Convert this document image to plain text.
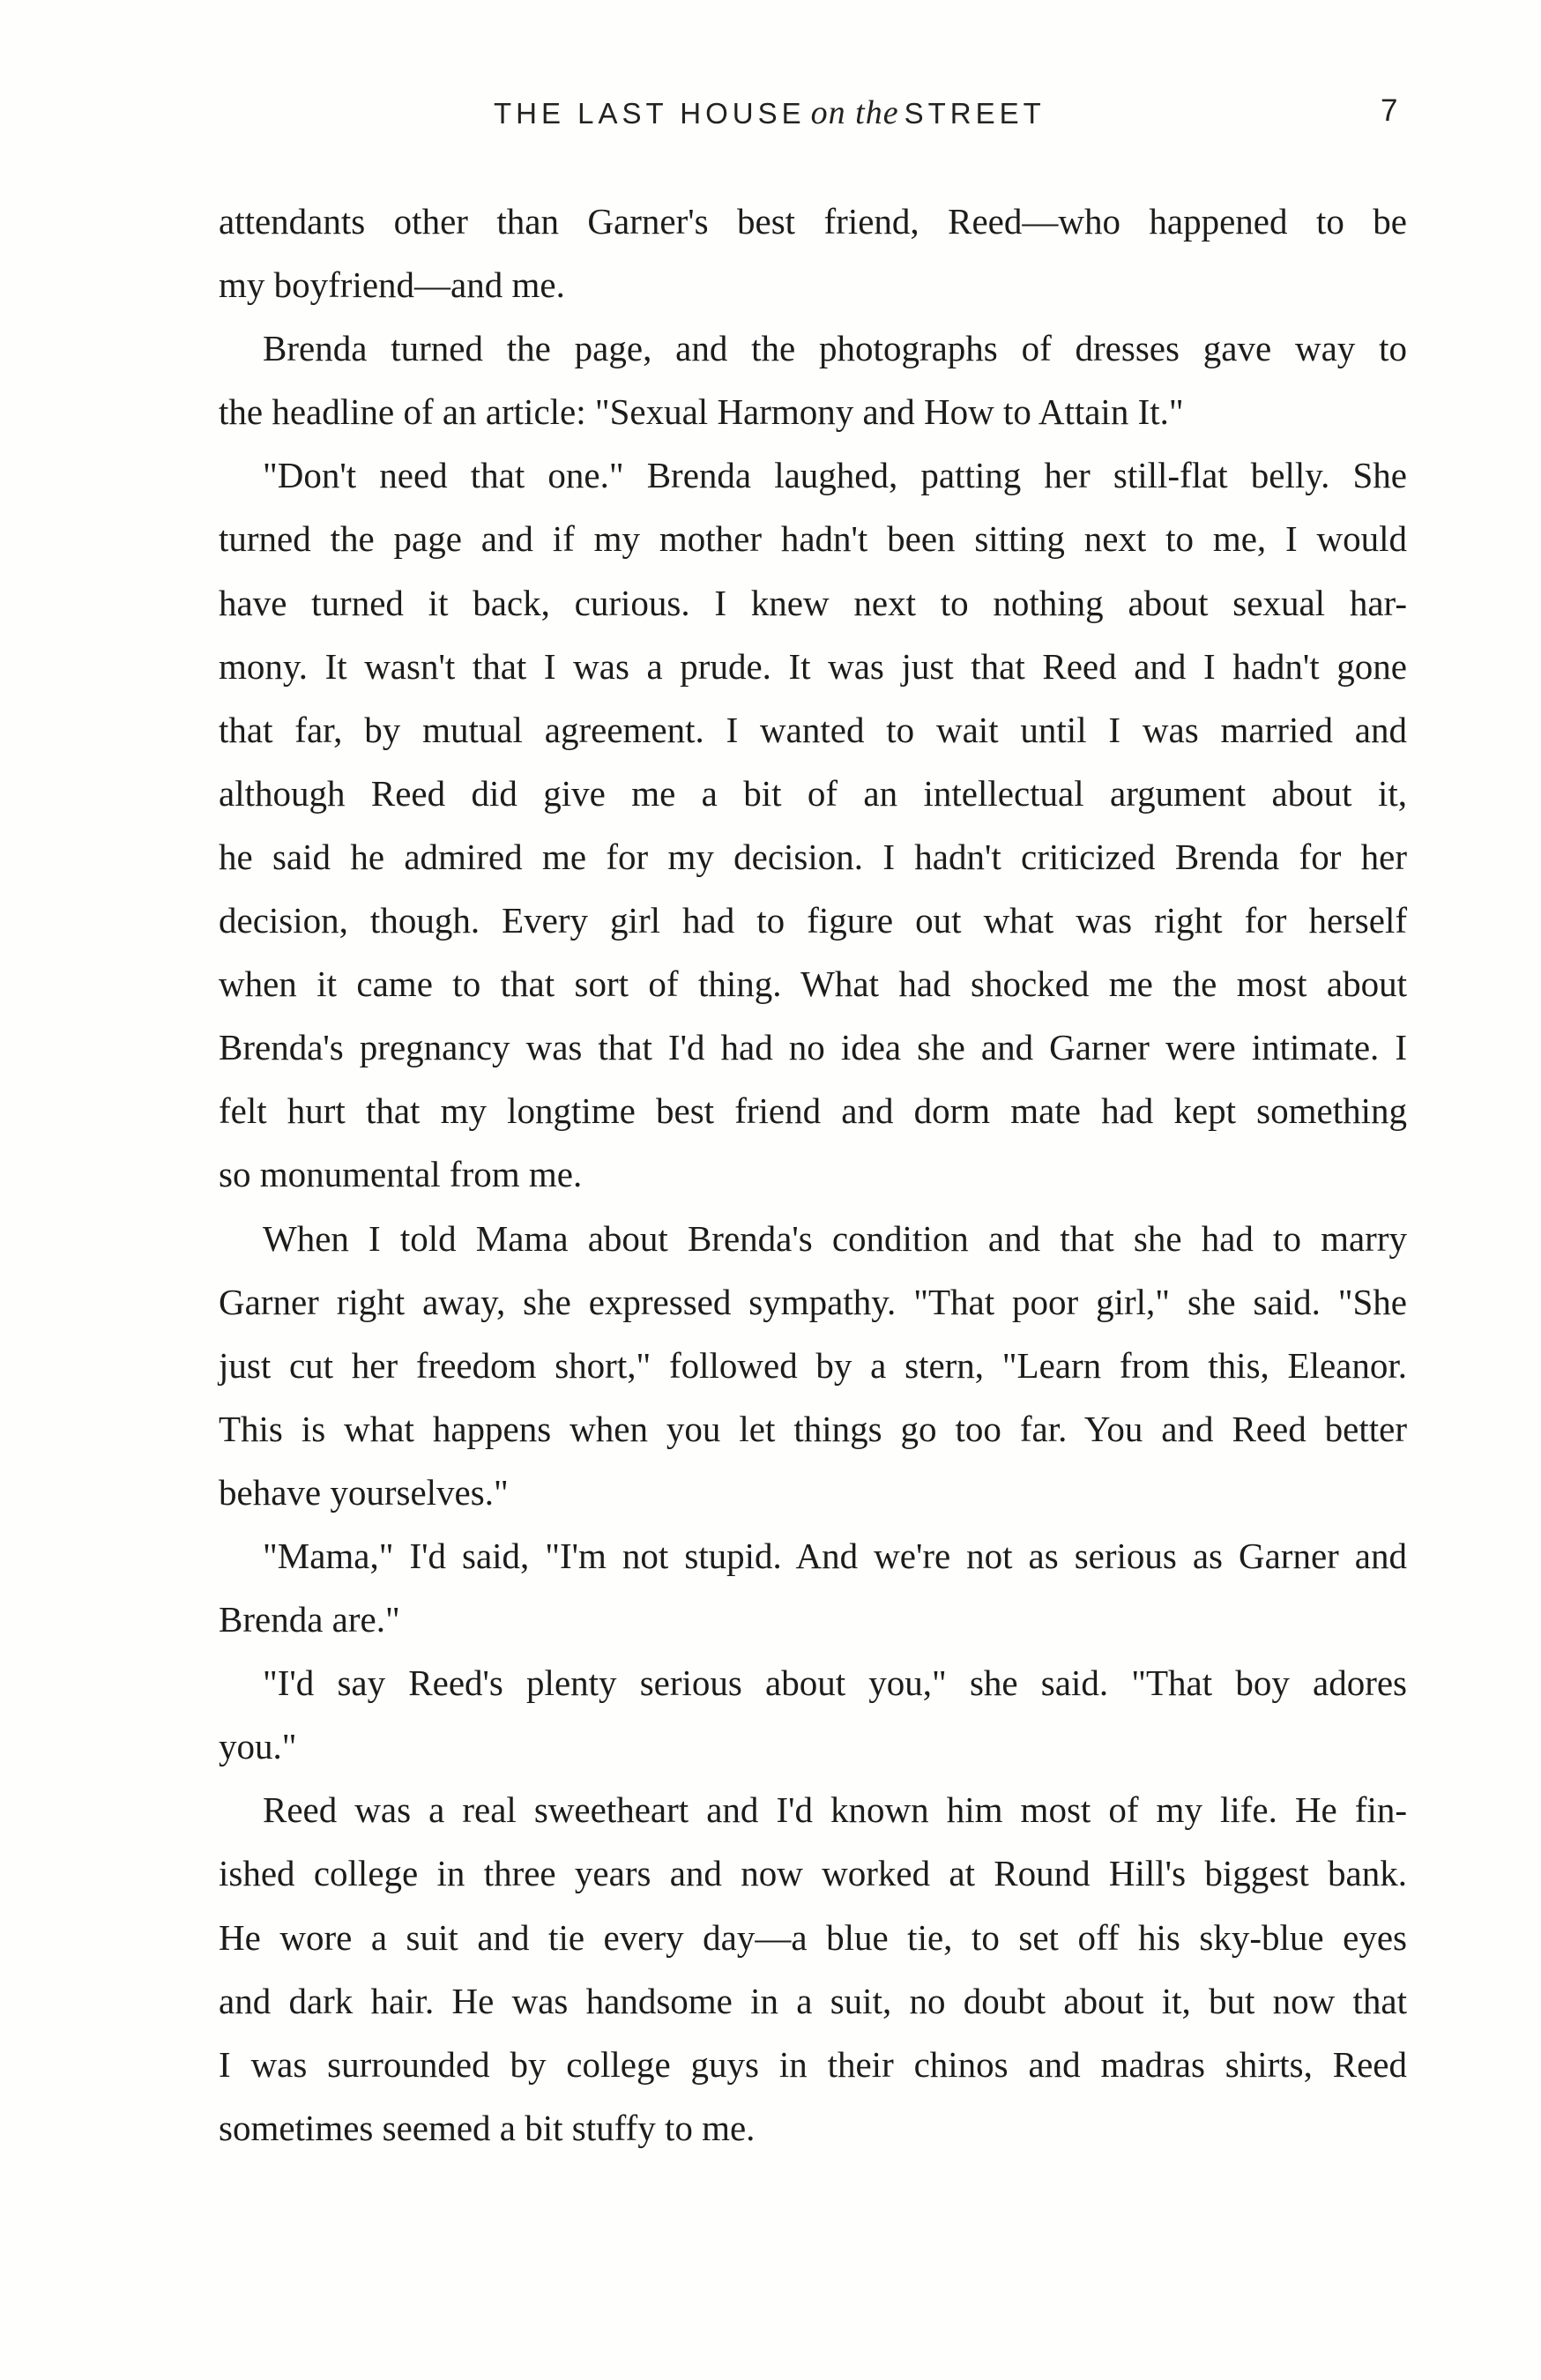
THE LAST HOUSE on the STREET	7
attendants other than Garner's best friend, Reed—who happened to be
my boyfriend—and me.
Brenda turned the page, and the photographs of dresses gave way to
the headline of an article: "Sexual Harmony and How to Attain It."
"Don't need that one." Brenda laughed, patting her still-flat belly. She
turned the page and if my mother hadn't been sitting next to me, I would
have turned it back, curious. I knew next to nothing about sexual har-
mony. It wasn't that I was a prude. It was just that Reed and I hadn't gone
that far, by mutual agreement. I wanted to wait until I was married and
although Reed did give me a bit of an intellectual argument about it,
he said he admired me for my decision. I hadn't criticized Brenda for her
decision, though. Every girl had to figure out what was right for herself
when it came to that sort of thing. What had shocked me the most about
Brenda's pregnancy was that I'd had no idea she and Garner were intimate. I
felt hurt that my longtime best friend and dorm mate had kept something
so monumental from me.
When I told Mama about Brenda's condition and that she had to marry
Garner right away, she expressed sympathy. "That poor girl," she said. "She
just cut her freedom short," followed by a stern, "Learn from this, Eleanor.
This is what happens when you let things go too far. You and Reed better
behave yourselves."
"Mama," I'd said, "I'm not stupid. And we're not as serious as Garner and
Brenda are."
"I'd say Reed's plenty serious about you," she said. "That boy adores
you."
Reed was a real sweetheart and I'd known him most of my life. He fin-
ished college in three years and now worked at Round Hill's biggest bank.
He wore a suit and tie every day—a blue tie, to set off his sky-blue eyes
and dark hair. He was handsome in a suit, no doubt about it, but now that
I was surrounded by college guys in their chinos and madras shirts, Reed
sometimes seemed a bit stuffy to me.
